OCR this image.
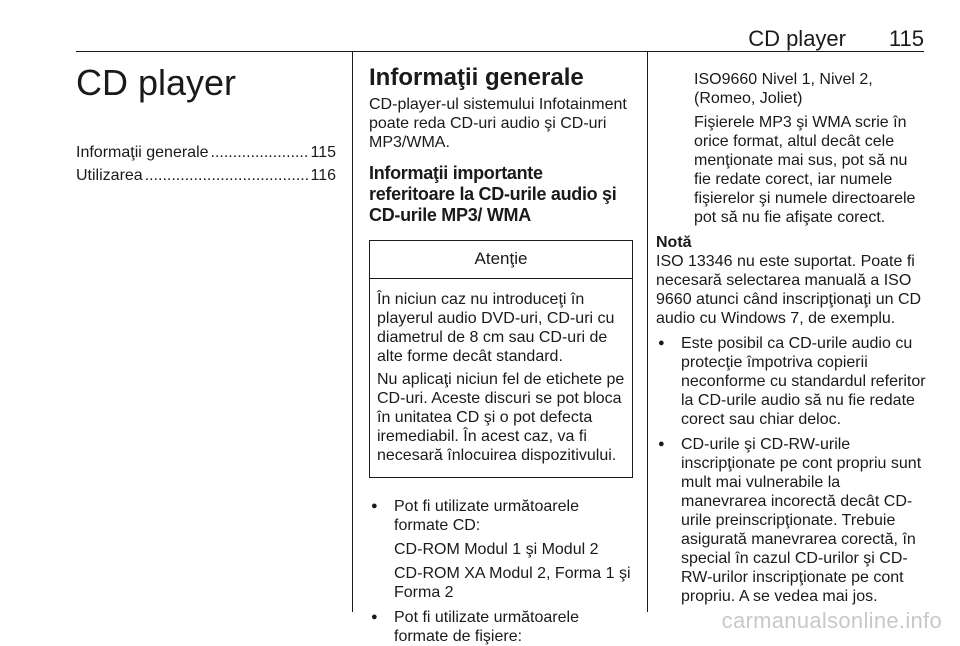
CD player 115
CD player
Informaţii generale .....	115
Utilizarea .....	116
Informaţii generale

CD-player-ul sistemului Infotainment poate reda CD-uri audio şi CD-uri MP3/WMA.

Informaţii importante referitoare la CD-urile audio şi CD-urile MP3/ WMA
Atenţie

În niciun caz nu introduceţi în playerul audio DVD-uri, CD-uri cu diametrul de 8 cm sau CD-uri de alte forme decât standard.

Nu aplicaţi niciun fel de etichete pe CD-uri. Aceste discuri se pot bloca în unitatea CD şi o pot defecta iremediabil. În acest caz, va fi necesară înlocuirea dispozitivului.

● Pot fi utilizate următoarele formate CD:
CD-ROM Modul 1 şi Modul 2
CD-ROM XA Modul 2, Forma 1 şi Forma 2
● Pot fi utilizate următoarele formate de fişiere:
ISO9660 Nivel 1, Nivel 2, (Romeo, Joliet)
Fişierele MP3 şi WMA scrie în orice format, altul decât cele menţionate mai sus, pot să nu fie redate corect, iar numele fişierelor şi numele directoarele pot să nu fie afişate corect.
Notă

ISO 13346 nu este suportat. Poate fi necesară selectarea manuală a ISO 9660 atunci când inscripţionaţi un CD audio cu Windows 7, de exemplu.

● Este posibil ca CD-urile audio cu protecţie împotriva copierii neconforme cu standardul referitor la CD-urile audio să nu fie redate corect sau chiar deloc.
● CD-urile şi CD-RW-urile inscripţionate pe cont propriu sunt mult mai vulnerabile la manevrarea incorectă decât CD-urile preinscripţionate. Trebuie asigurată manevrarea corectă, în special în cazul CD-urilor şi CD-RW-urilor inscripţionate pe cont propriu. A se vedea mai jos.
carmanualsonline.info
